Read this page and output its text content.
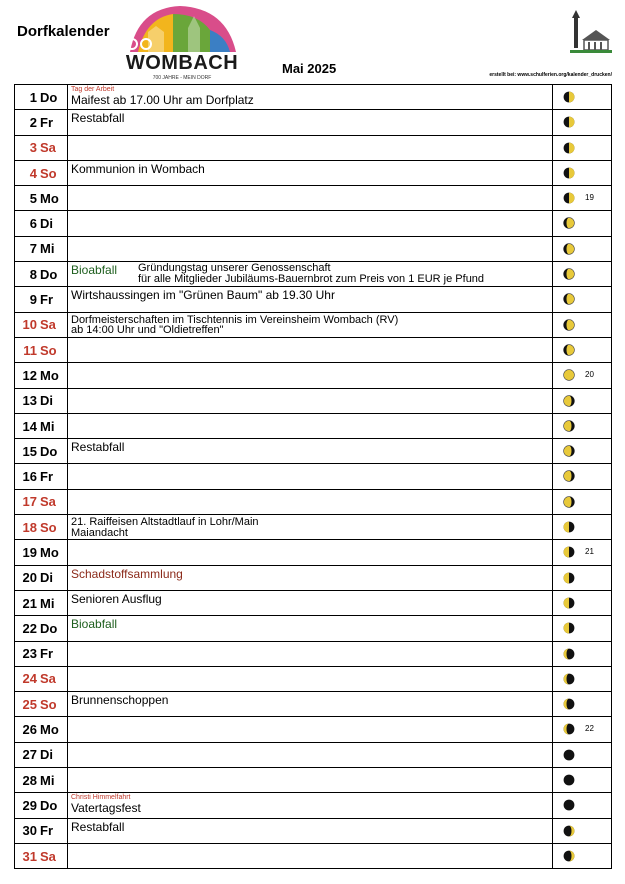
Dorfkalender
WOMBACH
700 JAHRE - MEIN DORF
Mai 2025	erstellt bei: www.schulferien.org/kalender_drucken/
1	Do	Tag der Arbeit
Maifest ab 17.00 Uhr am Dorfplatz

2	Fr	Restabfall

3	Sa	

4	So	Kommunion in Wombach

5	Mo		19

6	Di	

7	Mi	

8	Do	Bioabfall Gründungstag unserer Genossenschaft
für alle Mitglieder Jubiläums-Bauernbrot zum Preis von 1 EUR je Pfund

9	Fr	Wirtshaussingen im "Grünen Baum" ab 19.30 Uhr

10	Sa	Dorfmeisterschaften im Tischtennis im Vereinsheim Wombach (RV)
ab 14:00 Uhr und "Oldietreffen"

11	So	

12	Mo		20

13	Di	

14	Mi	

15	Do	Restabfall

16	Fr	

17	Sa	

18	So	21. Raiffeisen Altstadtlauf in Lohr/Main
Maiandacht

19	Mo		21

20	Di	Schadstoffsammlung

21	Mi	Senioren Ausflug

22	Do	Bioabfall

23	Fr	

24	Sa	

25	So	Brunnenschoppen

26	Mo		22

27	Di	

28	Mi	

29	Do	Christi Himmelfahrt
Vatertagsfest

30	Fr	Restabfall

31	Sa	
